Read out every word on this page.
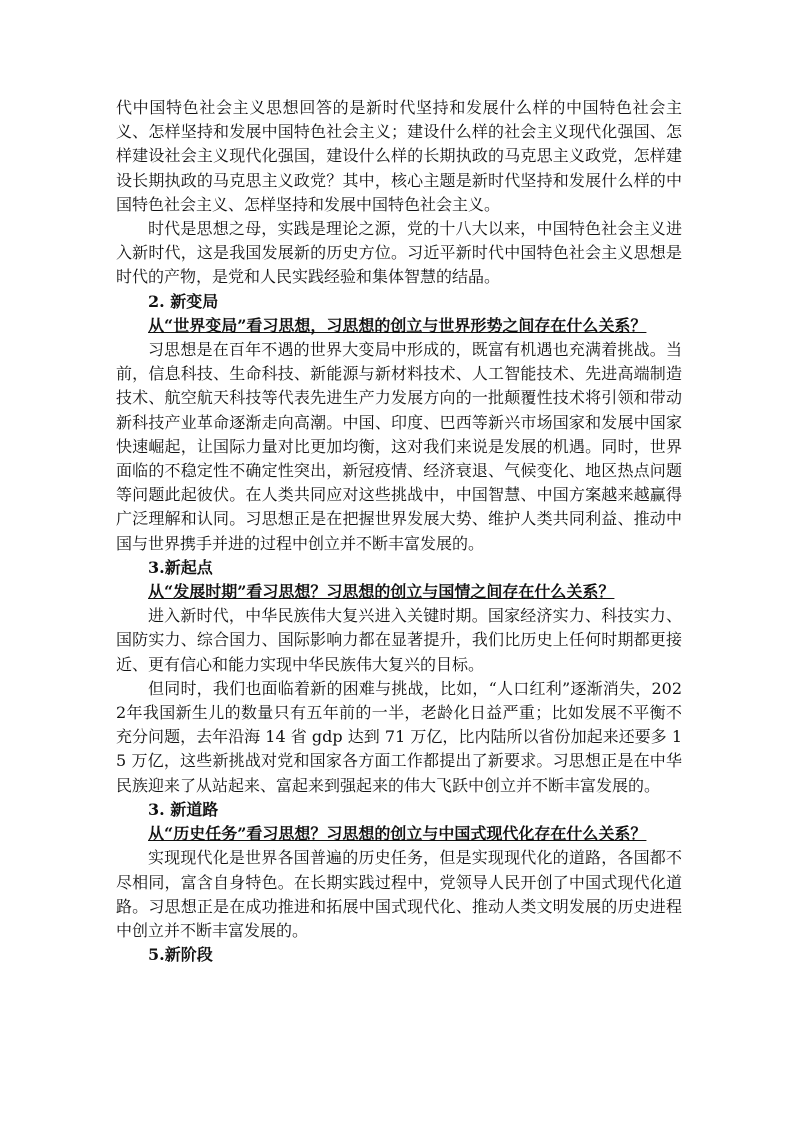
代中国特色社会主义思想回答的是新时代坚持和发展什么样的中国特色社会主义、怎样坚持和发展中国特色社会主义；建设什么样的社会主义现代化强国、怎样建设社会主义现代化强国，建设什么样的长期执政的马克思主义政党，怎样建设长期执政的马克思主义政党？其中，核心主题是新时代坚持和发展什么样的中国特色社会主义、怎样坚持和发展中国特色社会主义。

时代是思想之母，实践是理论之源，党的十八大以来，中国特色社会主义进入新时代，这是我国发展新的历史方位。习近平新时代中国特色社会主义思想是时代的产物，是党和人民实践经验和集体智慧的结晶。

2. 新变局

从“世界变局”看习思想，习思想的创立与世界形势之间存在什么关系？

习思想是在百年不遇的世界大变局中形成的，既富有机遇也充满着挑战。当前，信息科技、生命科技、新能源与新材料技术、人工智能技术、先进高端制造技术、航空航天科技等代表先进生产力发展方向的一批颠覆性技术将引领和带动新科技产业革命逐渐走向高潮。中国、印度、巴西等新兴市场国家和发展中国家快速崛起，让国际力量对比更加均衡，这对我们来说是发展的机遇。同时，世界面临的不稳定性不确定性突出，新冠疫情、经济衰退、气候变化、地区热点问题等问题此起彼伏。在人类共同应对这些挑战中，中国智慧、中国方案越来越赢得广泛理解和认同。习思想正是在把握世界发展大势、维护人类共同利益、推动中国与世界携手并进的过程中创立并不断丰富发展的。

3.新起点

从“发展时期”看习思想？习思想的创立与国情之间存在什么关系？

进入新时代，中华民族伟大复兴进入关键时期。国家经济实力、科技实力、国防实力、综合国力、国际影响力都在显著提升，我们比历史上任何时期都更接近、更有信心和能力实现中华民族伟大复兴的目标。

但同时，我们也面临着新的困难与挑战，比如，“人口红利”逐渐消失，2022年我国新生儿的数量只有五年前的一半，老龄化日益严重；比如发展不平衡不充分问题，去年沿海 14 省 gdp 达到 71 万亿，比内陆所以省份加起来还要多 15 万亿，这些新挑战对党和国家各方面工作都提出了新要求。习思想正是在中华民族迎来了从站起来、富起来到强起来的伟大飞跃中创立并不断丰富发展的。

3. 新道路

从“历史任务”看习思想？习思想的创立与中国式现代化存在什么关系？

实现现代化是世界各国普遍的历史任务，但是实现现代化的道路，各国都不尽相同，富含自身特色。在长期实践过程中，党领导人民开创了中国式现代化道路。习思想正是在成功推进和拓展中国式现代化、推动人类文明发展的历史进程中创立并不断丰富发展的。

5.新阶段
